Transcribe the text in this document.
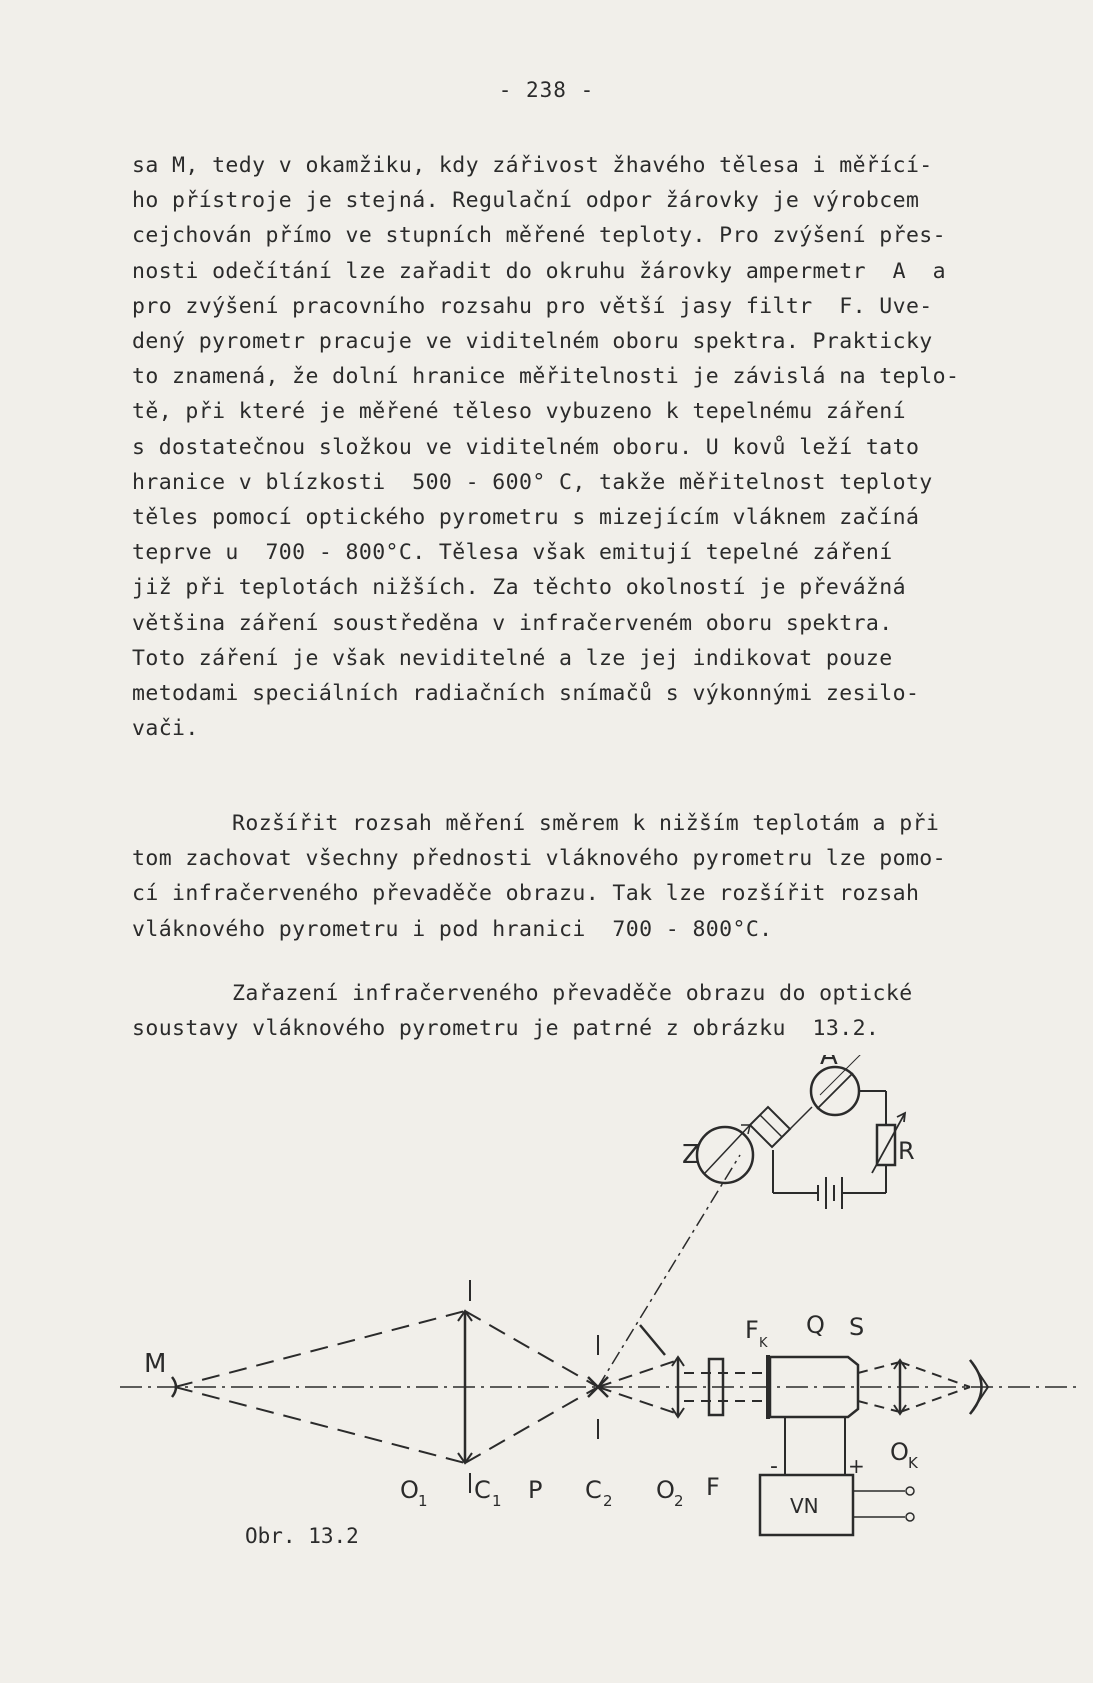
- 238 -
sa M, tedy v okamžiku, kdy zářivost žhavého tělesa i měřící-
ho přístroje je stejná. Regulační odpor žárovky je výrobcem
cejchován přímo ve stupních měřené teploty. Pro zvýšení přes-
nosti odečítání lze zařadit do okruhu žárovky ampermetr  A  a
pro zvýšení pracovního rozsahu pro větší jasy filtr  F. Uve-
dený pyrometr pracuje ve viditelném oboru spektra. Prakticky
to znamená, že dolní hranice měřitelnosti je závislá na teplo-
tě, při které je měřené těleso vybuzeno k tepelnému záření
s dostatečnou složkou ve viditelném oboru. U kovů leží tato
hranice v blízkosti  500 - 600° C, takže měřitelnost teploty
těles pomocí optického pyrometru s mizejícím vláknem začíná
teprve u  700 - 800°C. Tělesa však emitují tepelné záření
již při teplotách nižších. Za těchto okolností je převážná
většina záření soustředěna v infračerveném oboru spektra.
Toto záření je však neviditelné a lze jej indikovat pouze
metodami speciálních radiačních snímačů s výkonnými zesilo-
vači.
Rozšířit rozsah měření směrem k nižším teplotám a při
tom zachovat všechny přednosti vláknového pyrometru lze pomo-
cí infračerveného převaděče obrazu. Tak lze rozšířit rozsah
vláknového pyrometru i pod hranici  700 - 800°C.
Zařazení infračerveného převaděče obrazu do optické
soustavy vláknového pyrometru je patrné z obrázku  13.2.
M
O 1 C 1 P C 2 O 2 F
F K
Q S
O K
-	+
VN
Z
A
R
Obr. 13.2
